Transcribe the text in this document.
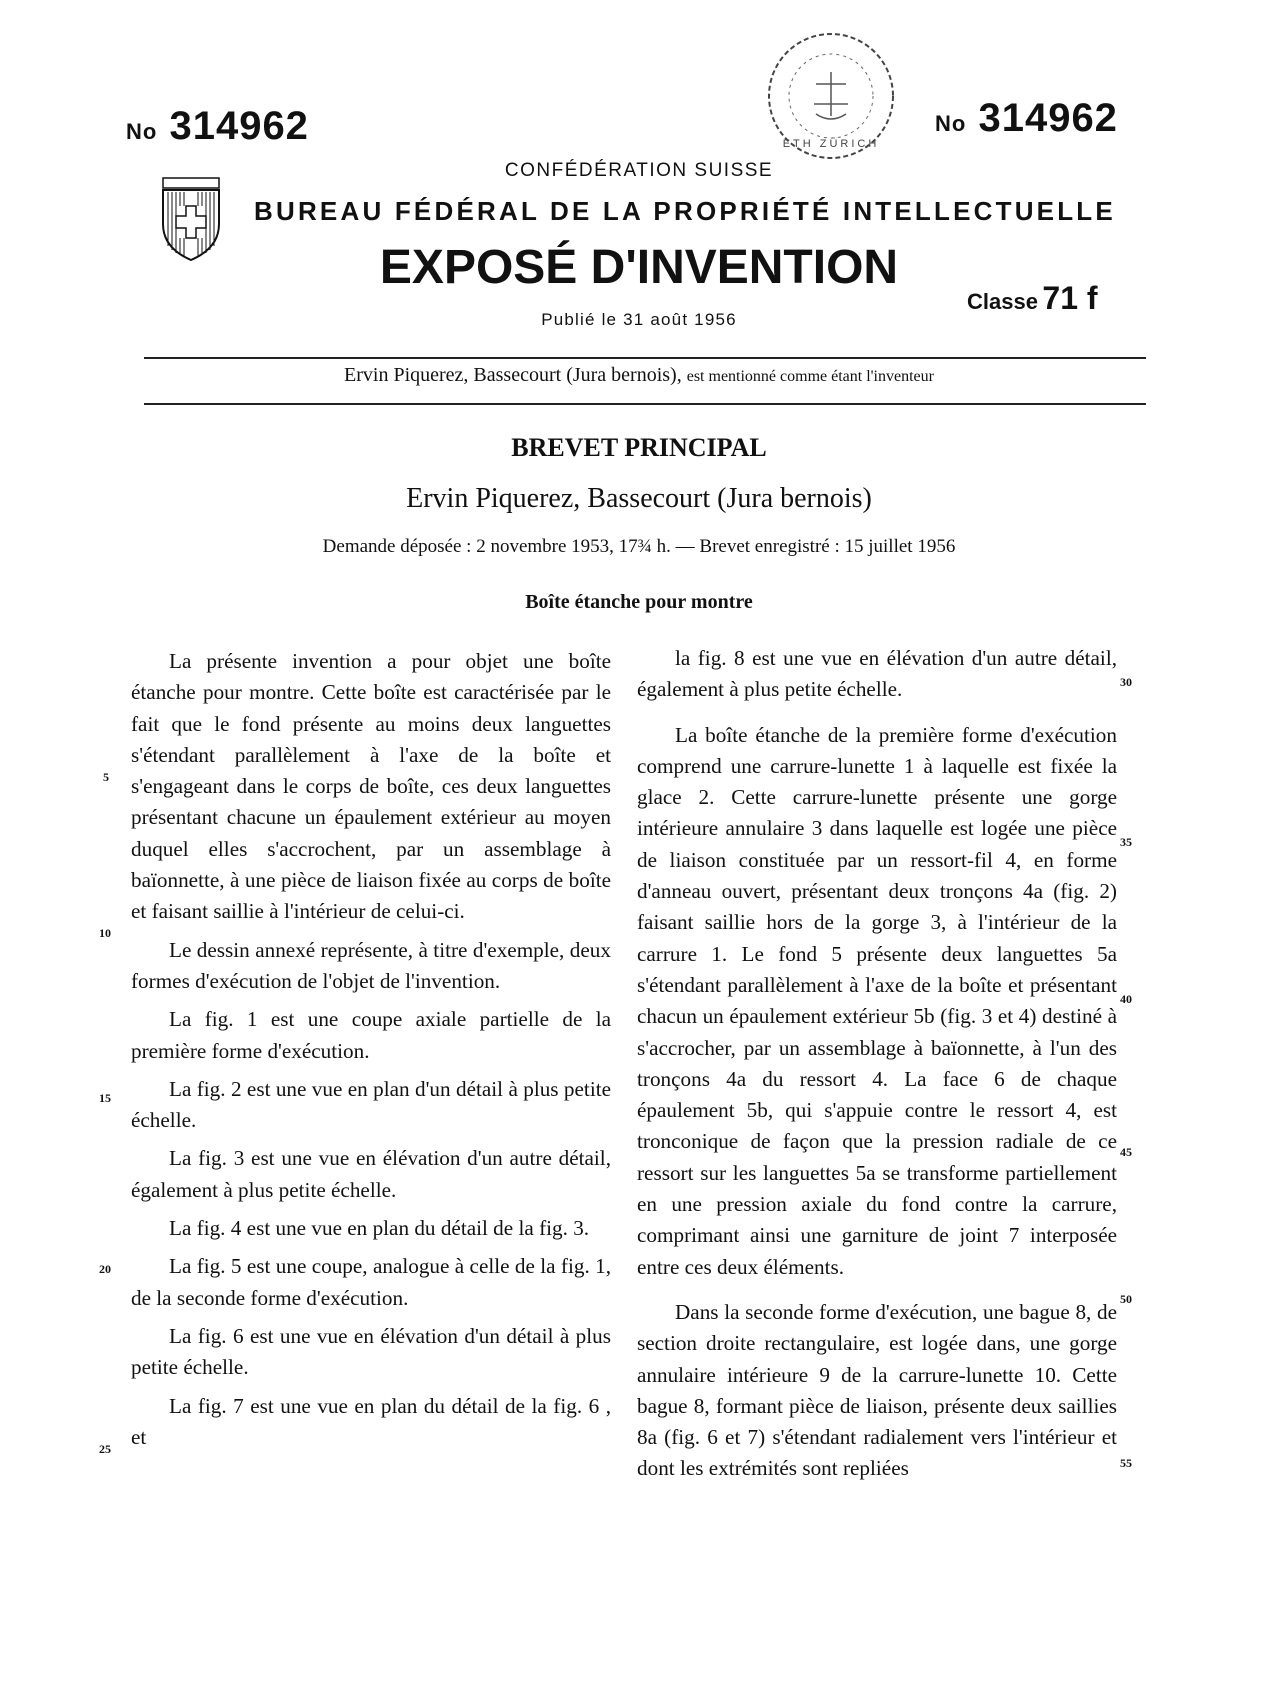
No 314962	No 314962
ETH ZÜRICH
CONFÉDÉRATION SUISSE
BUREAU FÉDÉRAL DE LA PROPRIÉTÉ INTELLECTUELLE
EXPOSÉ D'INVENTION
Publié le 31 août 1956
Classe 71 f
Ervin Piquerez, Bassecourt (Jura bernois), est mentionné comme étant l'inventeur
BREVET PRINCIPAL
Ervin Piquerez, Bassecourt (Jura bernois)
Demande déposée : 2 novembre 1953, 17¾ h. — Brevet enregistré : 15 juillet 1956
Boîte étanche pour montre

La présente invention a pour objet une boîte étanche pour montre. Cette boîte est caractérisée par le fait que le fond présente au moins deux languettes s'étendant parallèlement à l'axe de la boîte et s'engageant dans le corps de boîte, ces deux languettes présentant chacune un épaulement extérieur au moyen duquel elles s'accrochent, par un assemblage à baïonnette, à une pièce de liaison fixée au corps de boîte et faisant saillie à l'intérieur de celui-ci.

Le dessin annexé représente, à titre d'exemple, deux formes d'exécution de l'objet de l'invention.

La fig. 1 est une coupe axiale partielle de la première forme d'exécution.

La fig. 2 est une vue en plan d'un détail à plus petite échelle.

La fig. 3 est une vue en élévation d'un autre détail, également à plus petite échelle.

La fig. 4 est une vue en plan du détail de la fig. 3.

La fig. 5 est une coupe, analogue à celle de la fig. 1, de la seconde forme d'exécution.

La fig. 6 est une vue en élévation d'un détail à plus petite échelle.

La fig. 7 est une vue en plan du détail de la fig. 6 , et

la fig. 8 est une vue en élévation d'un autre détail, également à plus petite échelle.

La boîte étanche de la première forme d'exécution comprend une carrure-lunette 1 à laquelle est fixée la glace 2. Cette carrure-lunette présente une gorge intérieure annulaire 3 dans laquelle est logée une pièce de liaison constituée par un ressort-fil 4, en forme d'anneau ouvert, présentant deux tronçons 4a (fig. 2) faisant saillie hors de la gorge 3, à l'intérieur de la carrure 1. Le fond 5 présente deux languettes 5a s'étendant parallèlement à l'axe de la boîte et présentant chacun un épaulement extérieur 5b (fig. 3 et 4) destiné à s'accrocher, par un assemblage à baïonnette, à l'un des tronçons 4a du ressort 4. La face 6 de chaque épaulement 5b, qui s'appuie contre le ressort 4, est tronconique de façon que la pression radiale de ce ressort sur les languettes 5a se transforme partiellement en une pression axiale du fond contre la carrure, comprimant ainsi une garniture de joint 7 interposée entre ces deux éléments.

Dans la seconde forme d'exécution, une bague 8, de section droite rectangulaire, est logée dans, une gorge annulaire intérieure 9 de la carrure-lunette 10. Cette bague 8, formant pièce de liaison, présente deux saillies 8a (fig. 6 et 7) s'étendant radialement vers l'intérieur et dont les extrémités sont repliées

5
10
15
20
25
30
35
40
45
50
55
